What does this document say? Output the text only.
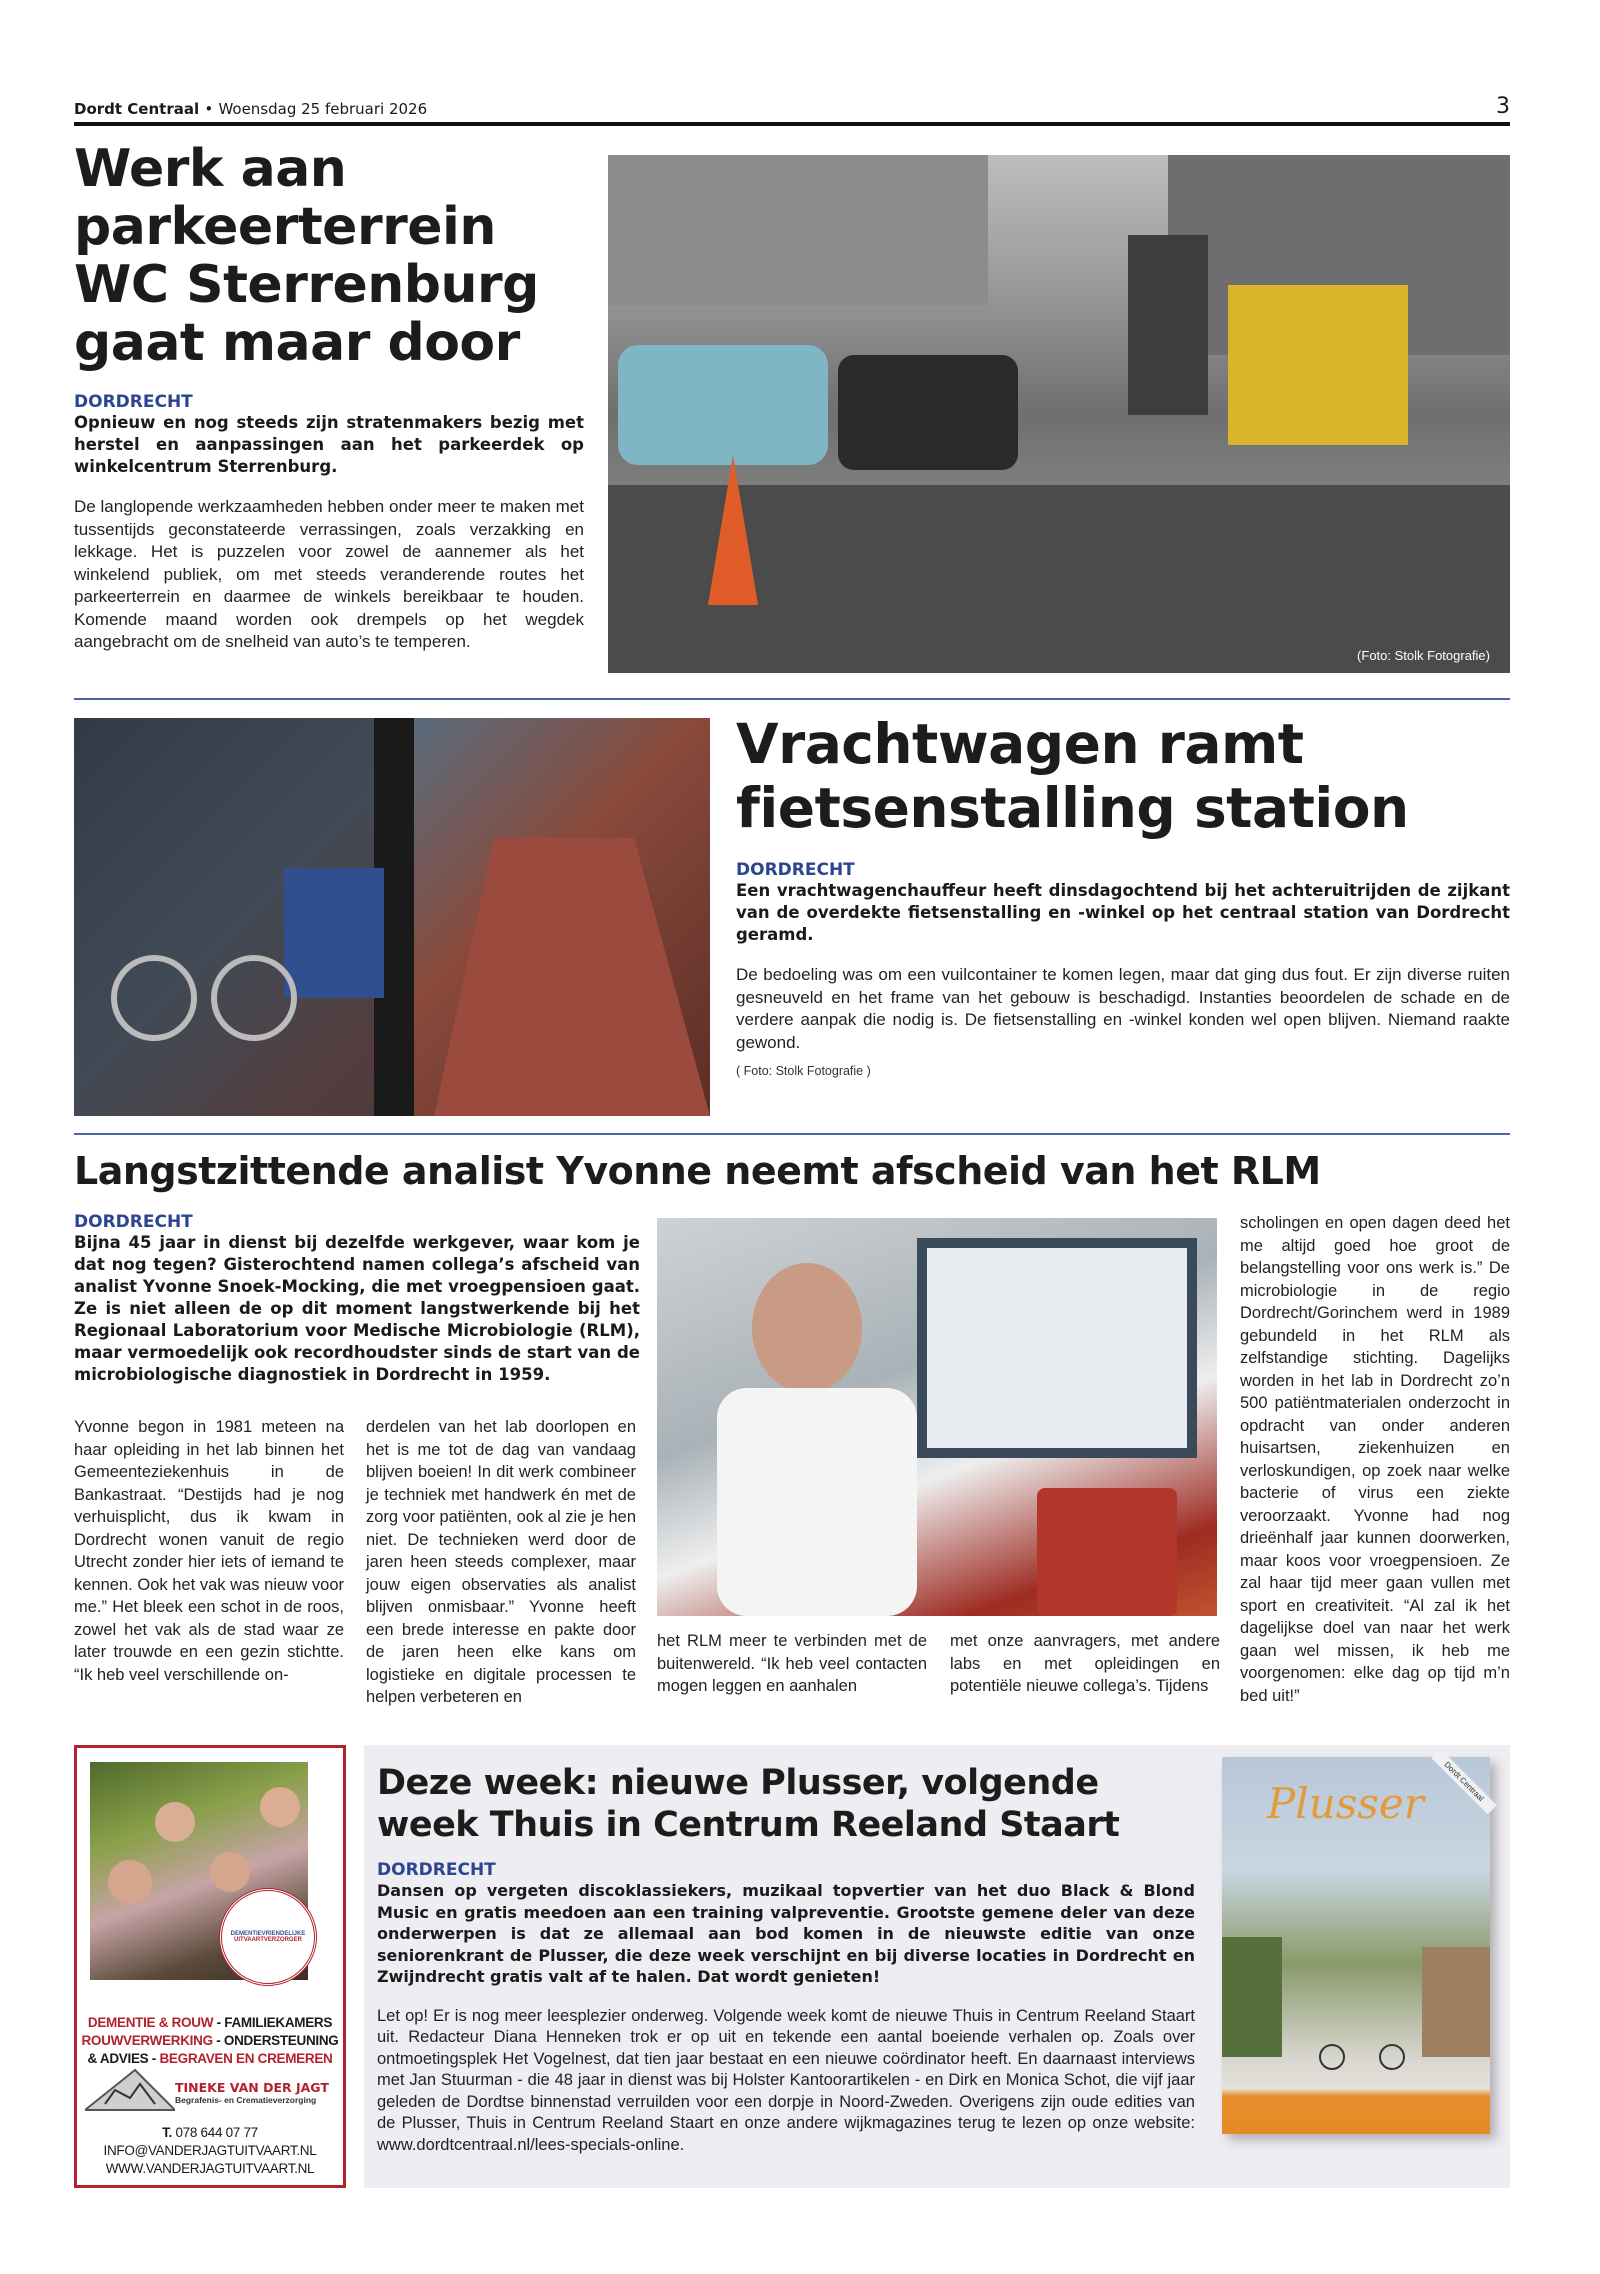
Dordt Centraal • Woensdag 25 februari 2026	3
Werk aan
parkeerterrein
WC Sterrenburg
gaat maar door
DORDRECHT

Opnieuw en nog steeds zijn stratenmakers bezig met herstel en aanpassingen aan het parkeerdek op winkelcentrum Sterrenburg.

De langlopende werkzaamheden hebben onder meer te maken met tussentijds geconstateerde verrassingen, zoals verzakking en lekkage. Het is puzzelen voor zowel de aannemer als het winkelend publiek, om met steeds veranderende routes het parkeerterrein en daarmee de winkels bereikbaar te houden. Komende maand worden ook drempels op het wegdek aangebracht om de snelheid van auto’s te temperen.

(Foto: Stolk Fotografie)
Vrachtwagen ramt
fietsenstalling station
DORDRECHT

Een vrachtwagenchauffeur heeft dinsdagochtend bij het achteruitrijden de zijkant van de overdekte fietsenstalling en -winkel op het centraal station van Dordrecht geramd.

De bedoeling was om een vuilcontainer te komen legen, maar dat ging dus fout. Er zijn diverse ruiten gesneuveld en het frame van het gebouw is beschadigd. Instanties beoordelen de schade en de verdere aanpak die nodig is. De fietsenstalling en -winkel konden wel open blijven. Niemand raakte gewond.

( Foto: Stolk Fotografie )

Langstzittende analist Yvonne neemt afscheid van het RLM
DORDRECHT

Bijna 45 jaar in dienst bij dezelfde werkgever, waar kom je dat nog tegen? Gisterochtend namen collega’s afscheid van analist Yvonne Snoek-Mocking, die met vroegpensioen gaat. Ze is niet alleen de op dit moment langstwerkende bij het Regionaal Laboratorium voor Medische Microbiologie (RLM), maar vermoedelijk ook recordhoudster sinds de start van de microbiologische diagnostiek in Dordrecht in 1959.

Yvonne begon in 1981 meteen na haar opleiding in het lab binnen het Gemeenteziekenhuis in de Bankastraat. “Destijds had je nog verhuisplicht, dus ik kwam in Dordrecht wonen vanuit de regio Utrecht zonder hier iets of iemand te kennen. Ook het vak was nieuw voor me.” Het bleek een schot in de roos, zowel het vak als de stad waar ze later trouwde en een gezin stichtte. “Ik heb veel verschillende on-

derdelen van het lab doorlopen en het is me tot de dag van vandaag blijven boeien! In dit werk combineer je techniek met handwerk én met de zorg voor patiënten, ook al zie je hen niet. De technieken werd door de jaren heen steeds complexer, maar jouw eigen observaties als analist blijven onmisbaar.” Yvonne heeft een brede interesse en pakte door de jaren heen elke kans om logistieke en digitale processen te helpen verbeteren en

het RLM meer te verbinden met de buitenwereld. “Ik heb veel contacten mogen leggen en aanhalen

met onze aanvragers, met andere labs en met opleidingen en potentiële nieuwe collega’s. Tijdens

scholingen en open dagen deed het me altijd goed hoe groot de belangstelling voor ons werk is.” De microbiologie in de regio Dordrecht/Gorinchem werd in 1989 gebundeld in het RLM als zelfstandige stichting. Dagelijks worden in het lab in Dordrecht zo’n 500 patiëntmaterialen onderzocht in opdracht van onder anderen huisartsen, ziekenhuizen en verloskundigen, op zoek naar welke bacterie of virus een ziekte veroorzaakt. Yvonne had nog drieënhalf jaar kunnen doorwerken, maar koos voor vroegpensioen. Ze zal haar tijd meer gaan vullen met sport en creativiteit. “Al zal ik het dagelijkse doel van naar het werk gaan wel missen, ik heb me voorgenomen: elke dag op tijd m’n bed uit!”

DEMENTIEVRIENDELIJKE
UITVAARTVERZORGER
DEMENTIE & ROUW - FAMILIEKAMERS
ROUWVERWERKING - ONDERSTEUNING
& ADVIES - BEGRAVEN EN CREMEREN
TINEKE VAN DER JAGT
Begrafenis- en Crematieverzorging
T. 078 644 07 77
INFO@VANDERJAGTUITVAART.NL
WWW.VANDERJAGTUITVAART.NL
Deze week: nieuwe Plusser, volgende
week Thuis in Centrum Reeland Staart
DORDRECHT

Dansen op vergeten discoklassiekers, muzikaal topvertier van het duo Black & Blond Music en gratis meedoen aan een training valpreventie. Grootste gemene deler van deze onderwerpen is dat ze allemaal aan bod komen in de nieuwste editie van onze seniorenkrant de Plusser, die deze week verschijnt en bij diverse locaties in Dordrecht en Zwijndrecht gratis valt af te halen. Dat wordt genieten!

Let op! Er is nog meer leesplezier onderweg. Volgende week komt de nieuwe Thuis in Centrum Reeland Staart uit. Redacteur Diana Henneken trok er op uit en tekende een aantal boeiende verhalen op. Zoals over ontmoetingsplek Het Vogelnest, dat tien jaar bestaat en een nieuwe coördinator heeft. En daarnaast interviews met Jan Stuurman - die 48 jaar in dienst was bij Holster Kantoorartikelen - en Dirk en Monica Schot, die vijf jaar geleden de Dordtse binnenstad verruilden voor een dorpje in Noord-Zweden. Overigens zijn oude edities van de Plusser, Thuis in Centrum Reeland Staart en onze andere wijkmagazines terug te lezen op onze website: www.dordtcentraal.nl/lees-specials-online.

Plusser	Dordt Centraal
